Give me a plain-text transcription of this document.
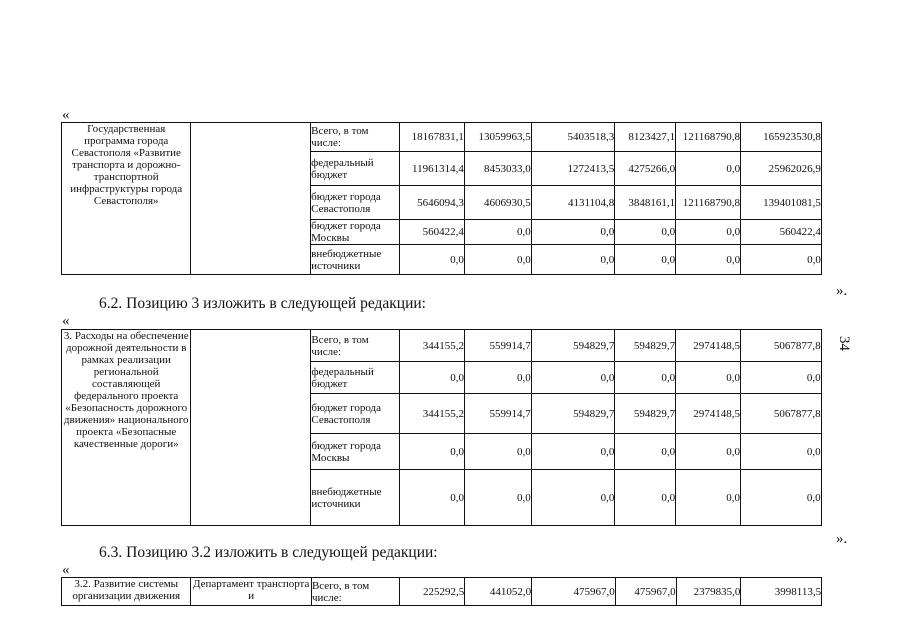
«
Государственная программа города Севастополя «Развитие транспорта и дорожно-транспортной инфраструктуры города Севастополя»		Всего, в том числе:	18167831,1	13059963,5	5403518,3	8123427,1	121168790,8	165923530,8
		федеральный бюджет	11961314,4	8453033,0	1272413,5	4275266,0	0,0	25962026,9
		бюджет города Севастополя	5646094,3	4606930,5	4131104,8	3848161,1	121168790,8	139401081,5
		бюджет города Москвы	560422,4	0,0	0,0	0,0	0,0	560422,4
		внебюджетные источники	0,0	0,0	0,0	0,0	0,0	0,0
».
6.2. Позицию 3 изложить в следующей редакции:
«
3. Расходы на обеспечение дорожной деятельности в рамках реализации региональной составляющей федерального проекта «Безопасность дорожного движения» национального проекта «Безопасные качественные дороги»		Всего, в том числе:	344155,2	559914,7	594829,7	594829,7	2974148,5	5067877,8
		федеральный бюджет	0,0	0,0	0,0	0,0	0,0	0,0
		бюджет города Севастополя	344155,2	559914,7	594829,7	594829,7	2974148,5	5067877,8
		бюджет города Москвы	0,0	0,0	0,0	0,0	0,0	0,0
		внебюджетные источники	0,0	0,0	0,0	0,0	0,0	0,0
».
6.3. Позицию 3.2 изложить в следующей редакции:
«
3.2. Развитие системы организации движения	Департамент транспорта и	Всего, в том числе:	225292,5	441052,0	475967,0	475967,0	2379835,0	3998113,5
34
